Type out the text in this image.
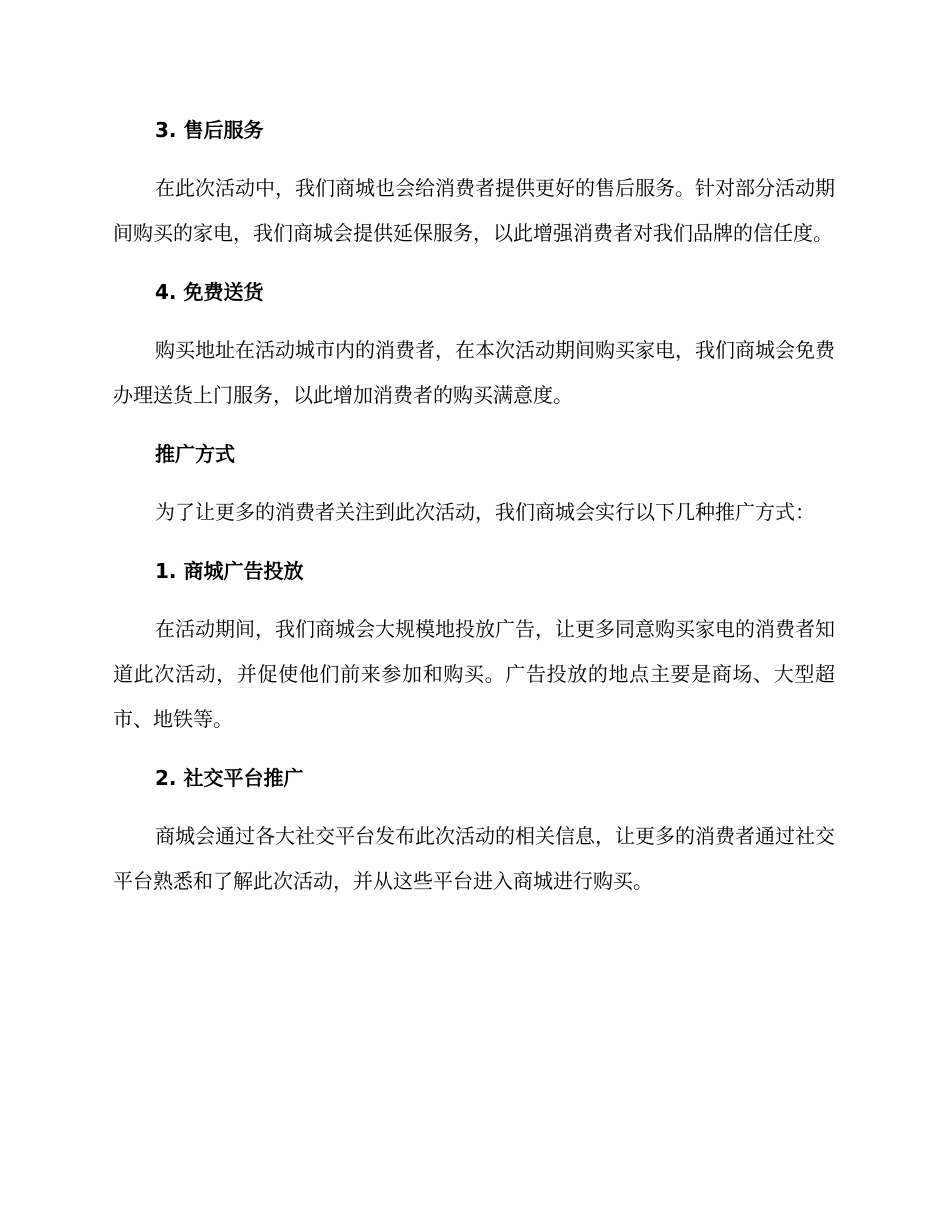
3. 售后服务
在此次活动中，我们商城也会给消费者提供更好的售后服务。针对部分活动期间购买的家电，我们商城会提供延保服务，以此增强消费者对我们品牌的信任度。
4. 免费送货
购买地址在活动城市内的消费者，在本次活动期间购买家电，我们商城会免费办理送货上门服务，以此增加消费者的购买满意度。
推广方式
为了让更多的消费者关注到此次活动，我们商城会实行以下几种推广方式：
1. 商城广告投放
在活动期间，我们商城会大规模地投放广告，让更多同意购买家电的消费者知道此次活动，并促使他们前来参加和购买。广告投放的地点主要是商场、大型超市、地铁等。
2. 社交平台推广
商城会通过各大社交平台发布此次活动的相关信息，让更多的消费者通过社交平台熟悉和了解此次活动，并从这些平台进入商城进行购买。
